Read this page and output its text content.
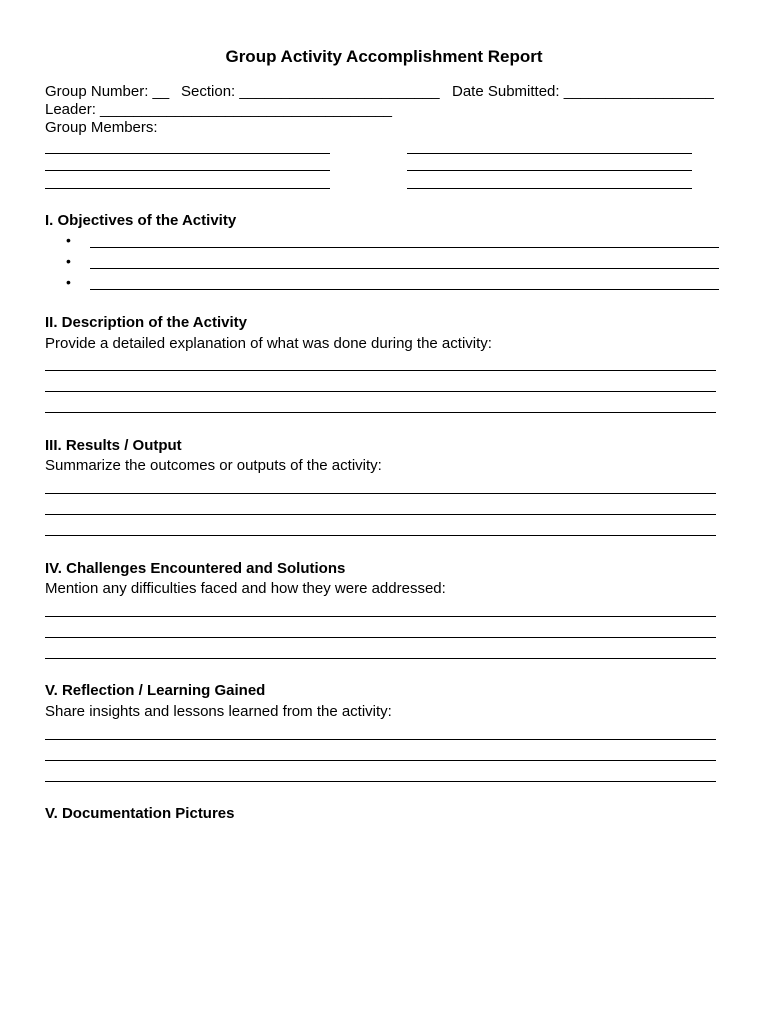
Group Activity Accomplishment Report
Group Number: __ Section: ________________________ Date Submitted: __________________
Leader: ___________________________________
Group Members:
I. Objectives of the Activity
•
•
•
II. Description of the Activity
Provide a detailed explanation of what was done during the activity:
III. Results / Output
Summarize the outcomes or outputs of the activity:
IV. Challenges Encountered and Solutions
Mention any difficulties faced and how they were addressed:
V. Reflection / Learning Gained
Share insights and lessons learned from the activity:
V. Documentation Pictures
